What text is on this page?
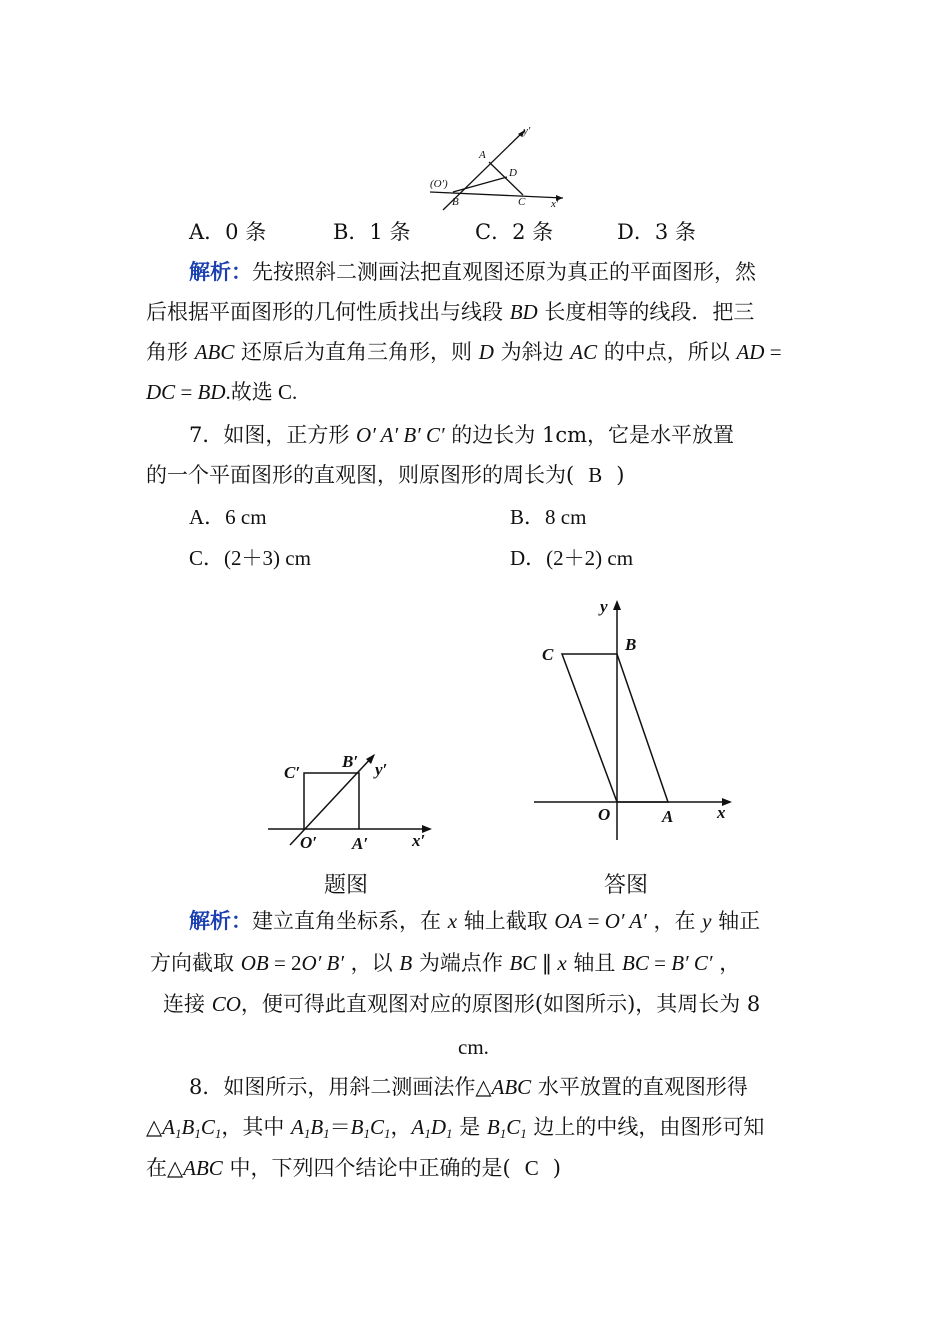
y′
A
D
(O′)
B	C x′
A．0 条	B．1 条	C．2 条	D．3 条
解析：先按照斜二测画法把直观图还原为真正的平面图形，然
后根据平面图形的几何性质找出与线段 BD 长度相等的线段．把三
角形 ABC 还原后为直角三角形，则 D 为斜边 AC 的中点，所以 AD =
DC = BD.故选 C.
7．如图，正方形 O′ A′ B′ C′ 的边长为 1cm，它是水平放置
的一个平面图形的直观图，则原图形的周长为( B )
A．6 cm	B．8 cm
C．(2＋3) cm	D．(2＋2) cm
C′
B′ y′
O′ A′	x′
题图
y
C
B
O	A	x
答图
解析：建立直角坐标系，在 x 轴上截取 OA = O′ A′ ，在 y 轴正
方向截取 OB = 2O′ B′ ，以 B 为端点作 BC ∥ x 轴且 BC = B′ C′ ，
连接 CO，便可得此直观图对应的原图形(如图所示)，其周长为 8
cm.
8．如图所示，用斜二测画法作△ABC 水平放置的直观图形得
$\triangle A_1B_1C_1$，其中 $A_1B_1=B_1C_1$，$A_1D_1$ 是 $B_1C_1$ 边上的中线，由图形可知
在△ABC 中，下列四个结论中正确的是( C )
